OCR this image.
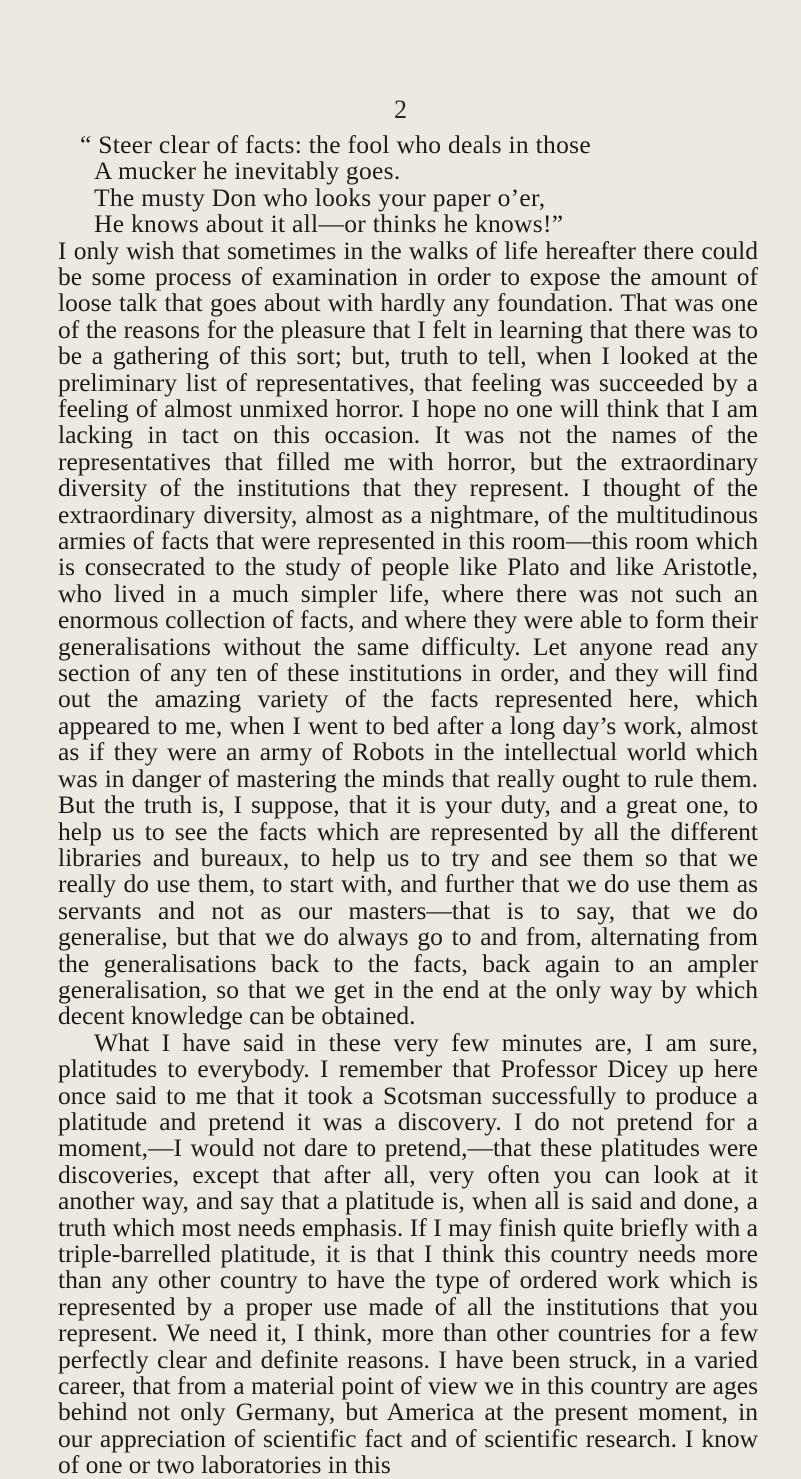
2
“ Steer clear of facts: the fool who deals in those
A mucker he inevitably goes.
The musty Don who looks your paper o’er,
He knows about it all—or thinks he knows!”

I only wish that sometimes in the walks of life hereafter there could be some process of examination in order to expose the amount of loose talk that goes about with hardly any foundation. That was one of the reasons for the pleasure that I felt in learning that there was to be a gathering of this sort; but, truth to tell, when I looked at the preliminary list of representatives, that feeling was succeeded by a feeling of almost unmixed horror. I hope no one will think that I am lacking in tact on this occasion. It was not the names of the representatives that filled me with horror, but the extraordinary diversity of the institutions that they represent. I thought of the extraordinary diversity, almost as a nightmare, of the multitudinous armies of facts that were represented in this room—this room which is consecrated to the study of people like Plato and like Aristotle, who lived in a much simpler life, where there was not such an enormous collection of facts, and where they were able to form their generalisations without the same difficulty. Let anyone read any section of any ten of these institutions in order, and they will find out the amazing variety of the facts represented here, which appeared to me, when I went to bed after a long day’s work, almost as if they were an army of Robots in the intellectual world which was in danger of mastering the minds that really ought to rule them. But the truth is, I suppose, that it is your duty, and a great one, to help us to see the facts which are represented by all the different libraries and bureaux, to help us to try and see them so that we really do use them, to start with, and further that we do use them as servants and not as our masters—that is to say, that we do generalise, but that we do always go to and from, alternating from the generalisations back to the facts, back again to an ampler generalisation, so that we get in the end at the only way by which decent knowledge can be obtained.

What I have said in these very few minutes are, I am sure, platitudes to everybody. I remember that Professor Dicey up here once said to me that it took a Scotsman successfully to produce a platitude and pretend it was a discovery. I do not pretend for a moment,—I would not dare to pretend,—that these platitudes were discoveries, except that after all, very often you can look at it another way, and say that a platitude is, when all is said and done, a truth which most needs emphasis. If I may finish quite briefly with a triple-barrelled platitude, it is that I think this country needs more than any other country to have the type of ordered work which is represented by a proper use made of all the institutions that you represent. We need it, I think, more than other countries for a few perfectly clear and definite reasons. I have been struck, in a varied career, that from a material point of view we in this country are ages behind not only Germany, but America at the present moment, in our appreciation of scientific fact and of scientific research. I know of one or two laboratories in this
